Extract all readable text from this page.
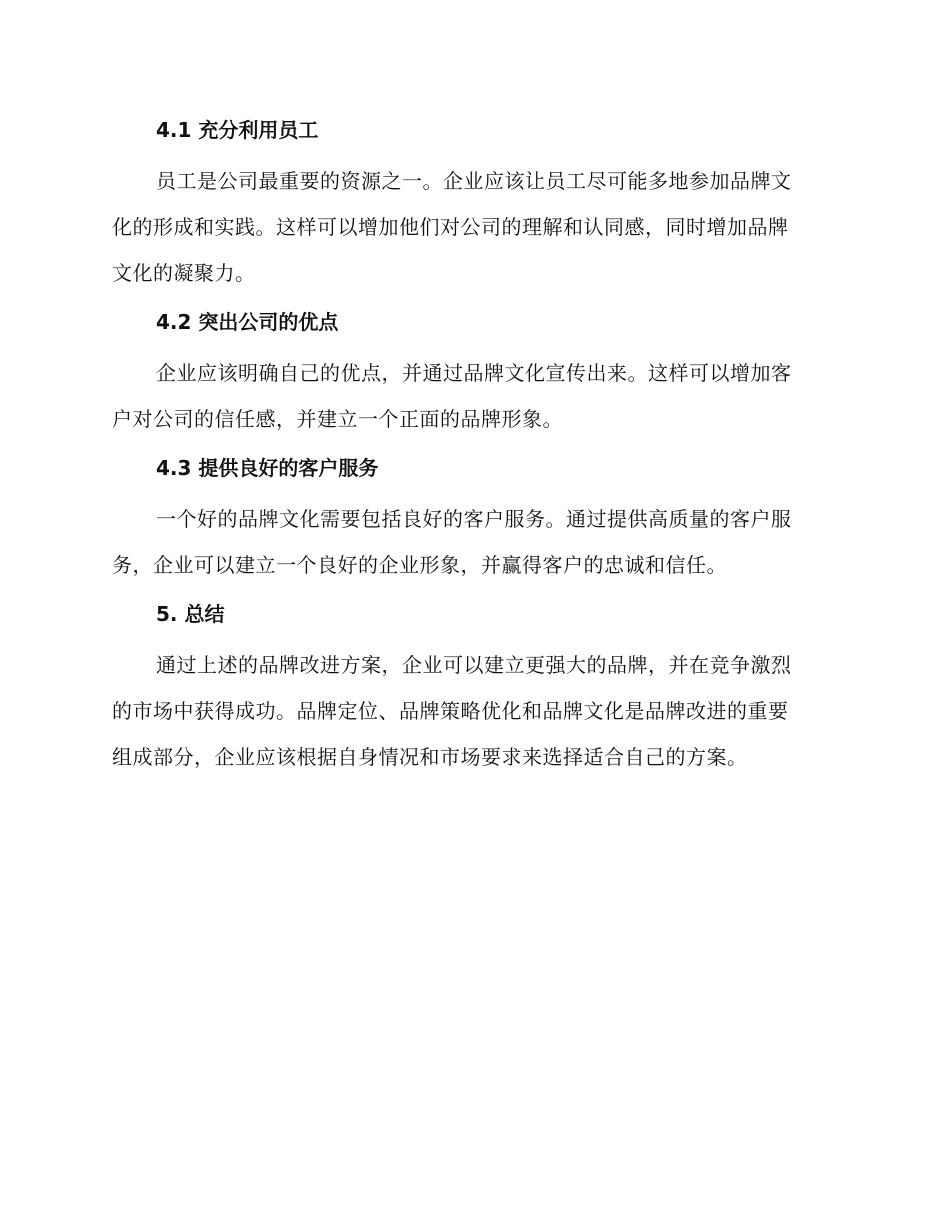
4.1 充分利用员工
员工是公司最重要的资源之一。企业应该让员工尽可能多地参加品牌文
化的形成和实践。这样可以增加他们对公司的理解和认同感，同时增加品牌
文化的凝聚力。
4.2 突出公司的优点
企业应该明确自己的优点，并通过品牌文化宣传出来。这样可以增加客
户对公司的信任感，并建立一个正面的品牌形象。
4.3 提供良好的客户服务
一个好的品牌文化需要包括良好的客户服务。通过提供高质量的客户服
务，企业可以建立一个良好的企业形象，并赢得客户的忠诚和信任。
5. 总结
通过上述的品牌改进方案，企业可以建立更强大的品牌，并在竞争激烈
的市场中获得成功。品牌定位、品牌策略优化和品牌文化是品牌改进的重要
组成部分，企业应该根据自身情况和市场要求来选择适合自己的方案。
